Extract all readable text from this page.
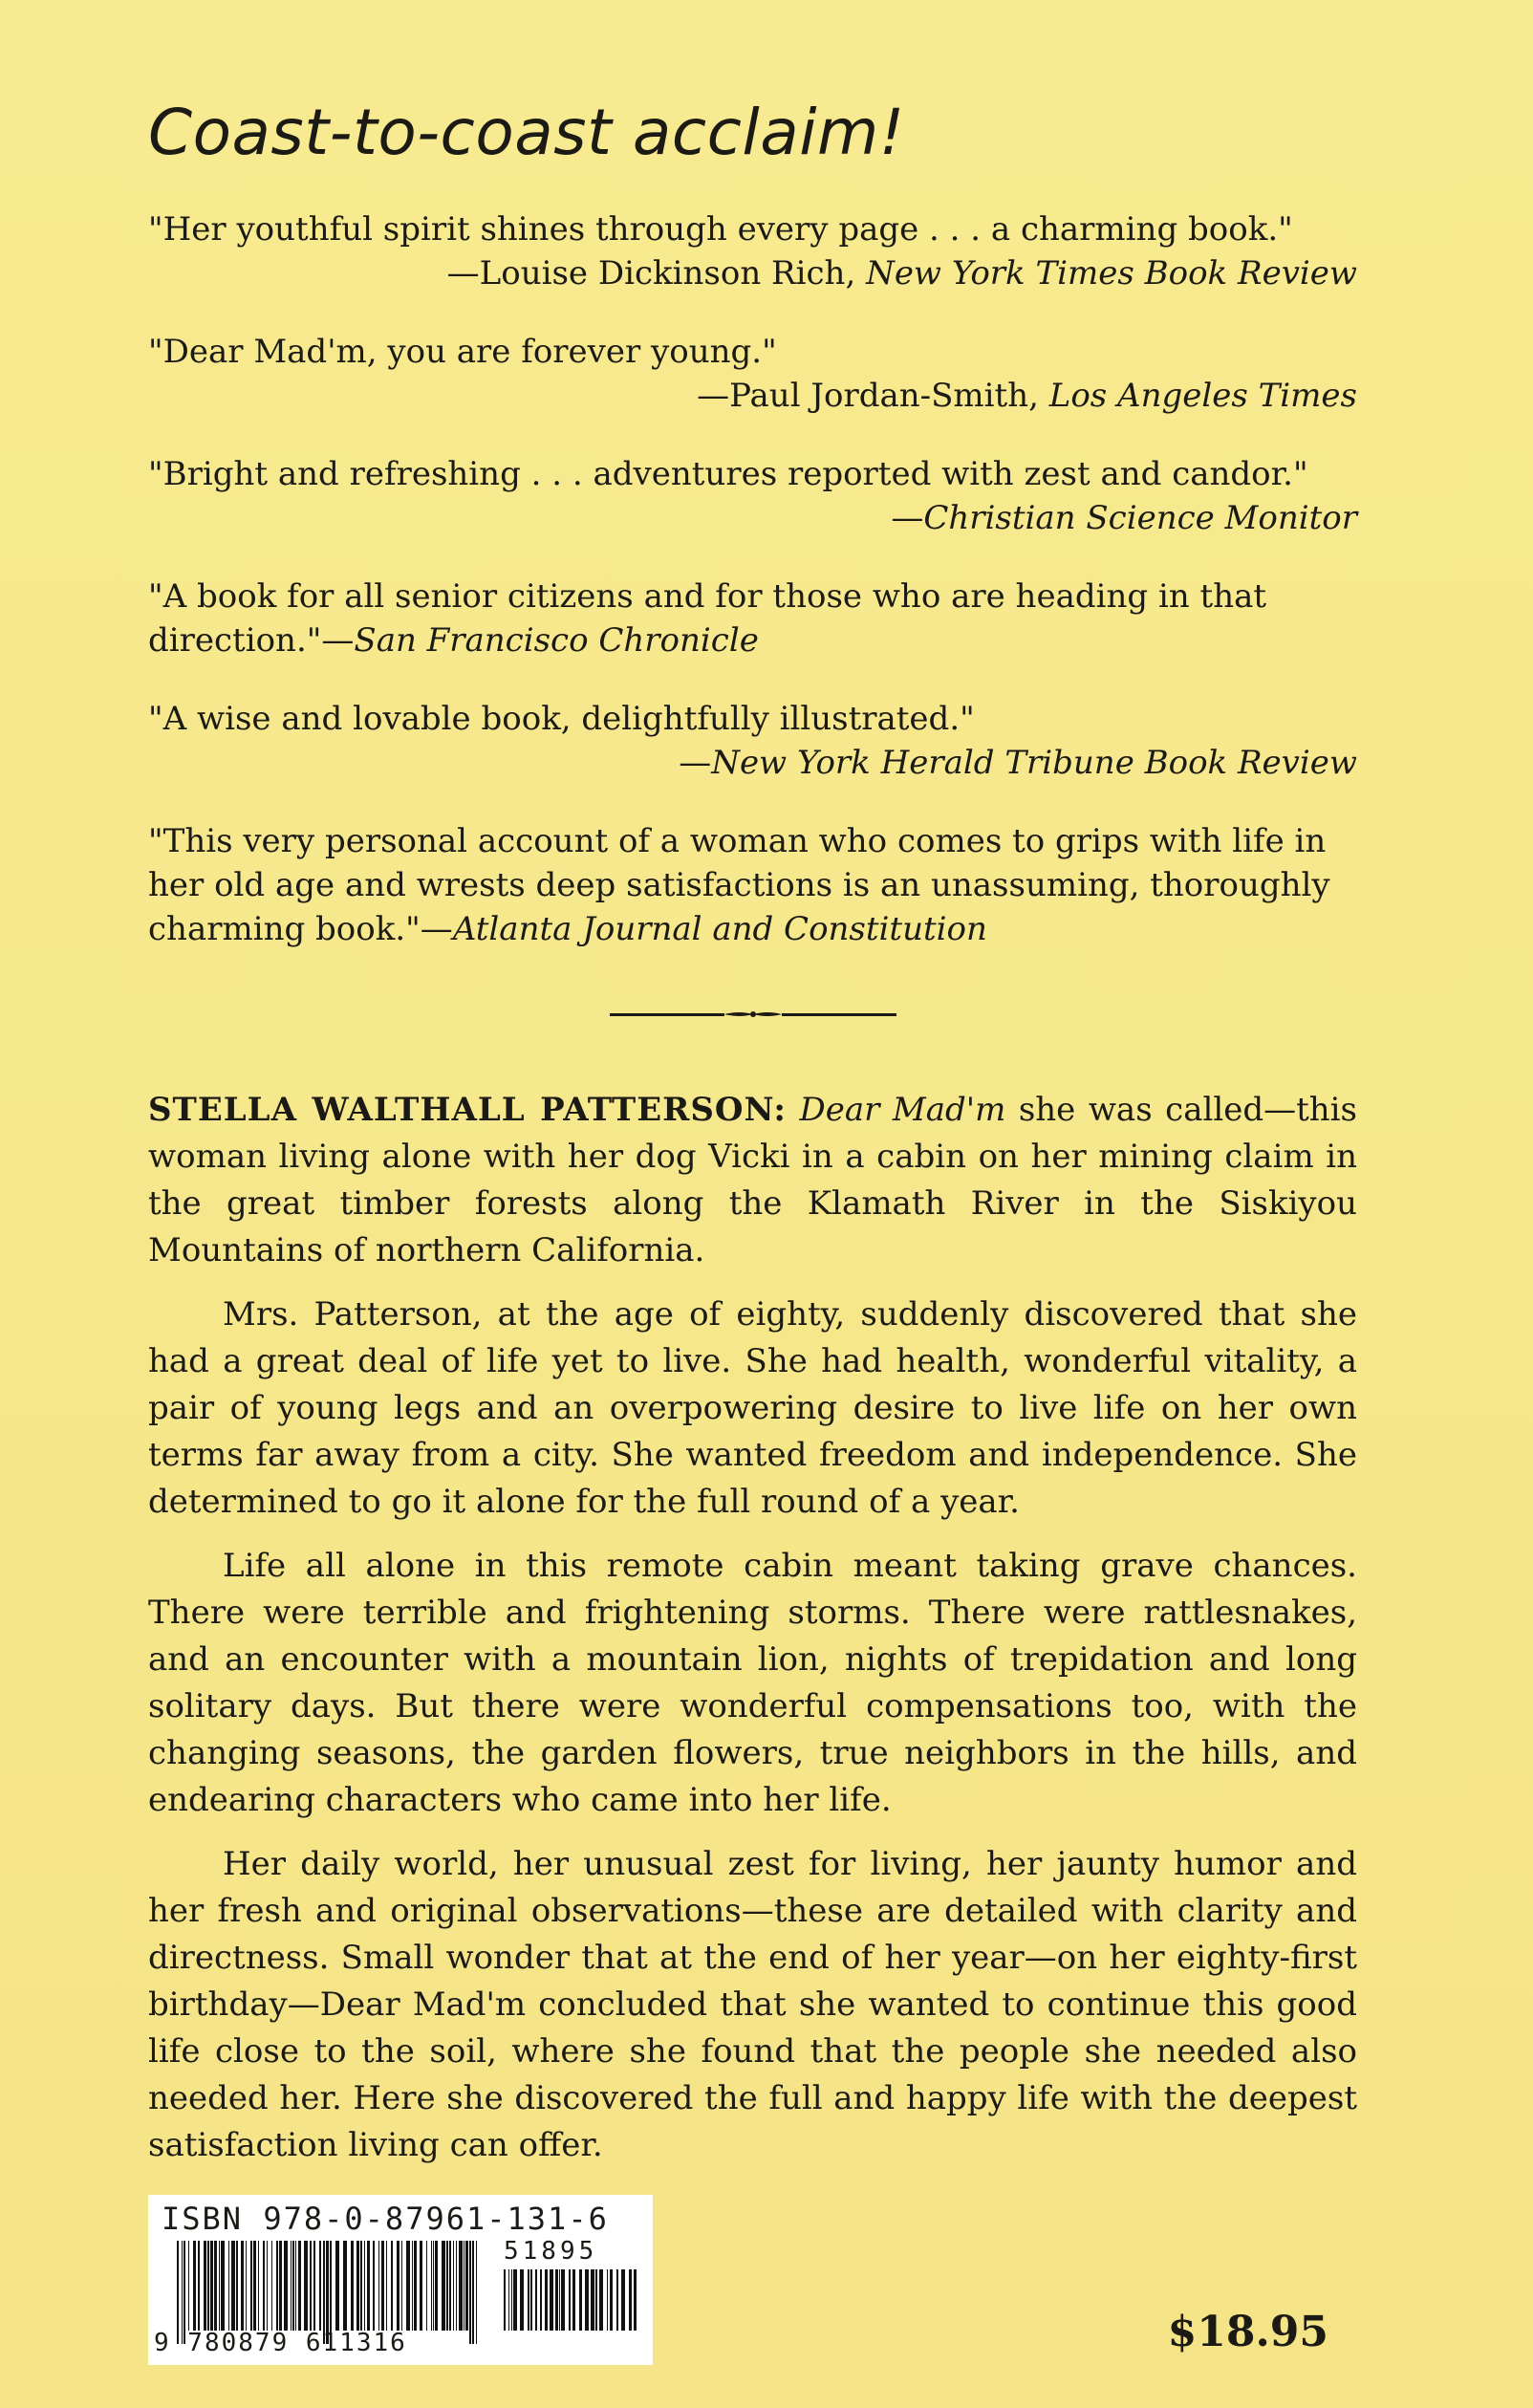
Coast-to-coast acclaim!
"Her youthful spirit shines through every page . . . a charming book."
—Louise Dickinson Rich, New York Times Book Review
"Dear Mad'm, you are forever young."
—Paul Jordan-Smith, Los Angeles Times
"Bright and refreshing . . . adventures reported with zest and candor."
—Christian Science Monitor
"A book for all senior citizens and for those who are heading in that direction."—San Francisco Chronicle
"A wise and lovable book, delightfully illustrated."
—New York Herald Tribune Book Review
"This very personal account of a woman who comes to grips with life in her old age and wrests deep satisfactions is an unassuming, thoroughly charming book."—Atlanta Journal and Constitution

STELLA WALTHALL PATTERSON: Dear Mad'm she was called—this woman living alone with her dog Vicki in a cabin on her mining claim in the great timber forests along the Klamath River in the Siskiyou Mountains of northern California.

Mrs. Patterson, at the age of eighty, suddenly discovered that she had a great deal of life yet to live. She had health, wonderful vitality, a pair of young legs and an overpowering desire to live life on her own terms far away from a city. She wanted freedom and independence. She determined to go it alone for the full round of a year.

Life all alone in this remote cabin meant taking grave chances. There were terrible and frightening storms. There were rattlesnakes, and an encounter with a mountain lion, nights of trepidation and long solitary days. But there were wonderful compensations too, with the changing seasons, the garden flowers, true neighbors in the hills, and endearing characters who came into her life.

Her daily world, her unusual zest for living, her jaunty humor and her fresh and original observations—these are detailed with clarity and directness. Small wonder that at the end of her year—on her eighty-first birthday—Dear Mad'm concluded that she wanted to continue this good life close to the soil, where she found that the people she needed also needed her. Here she discovered the full and happy life with the deepest satisfaction living can offer.

ISBN 978-0-87961-131-6
51895
9 780879 611316	$18.95
